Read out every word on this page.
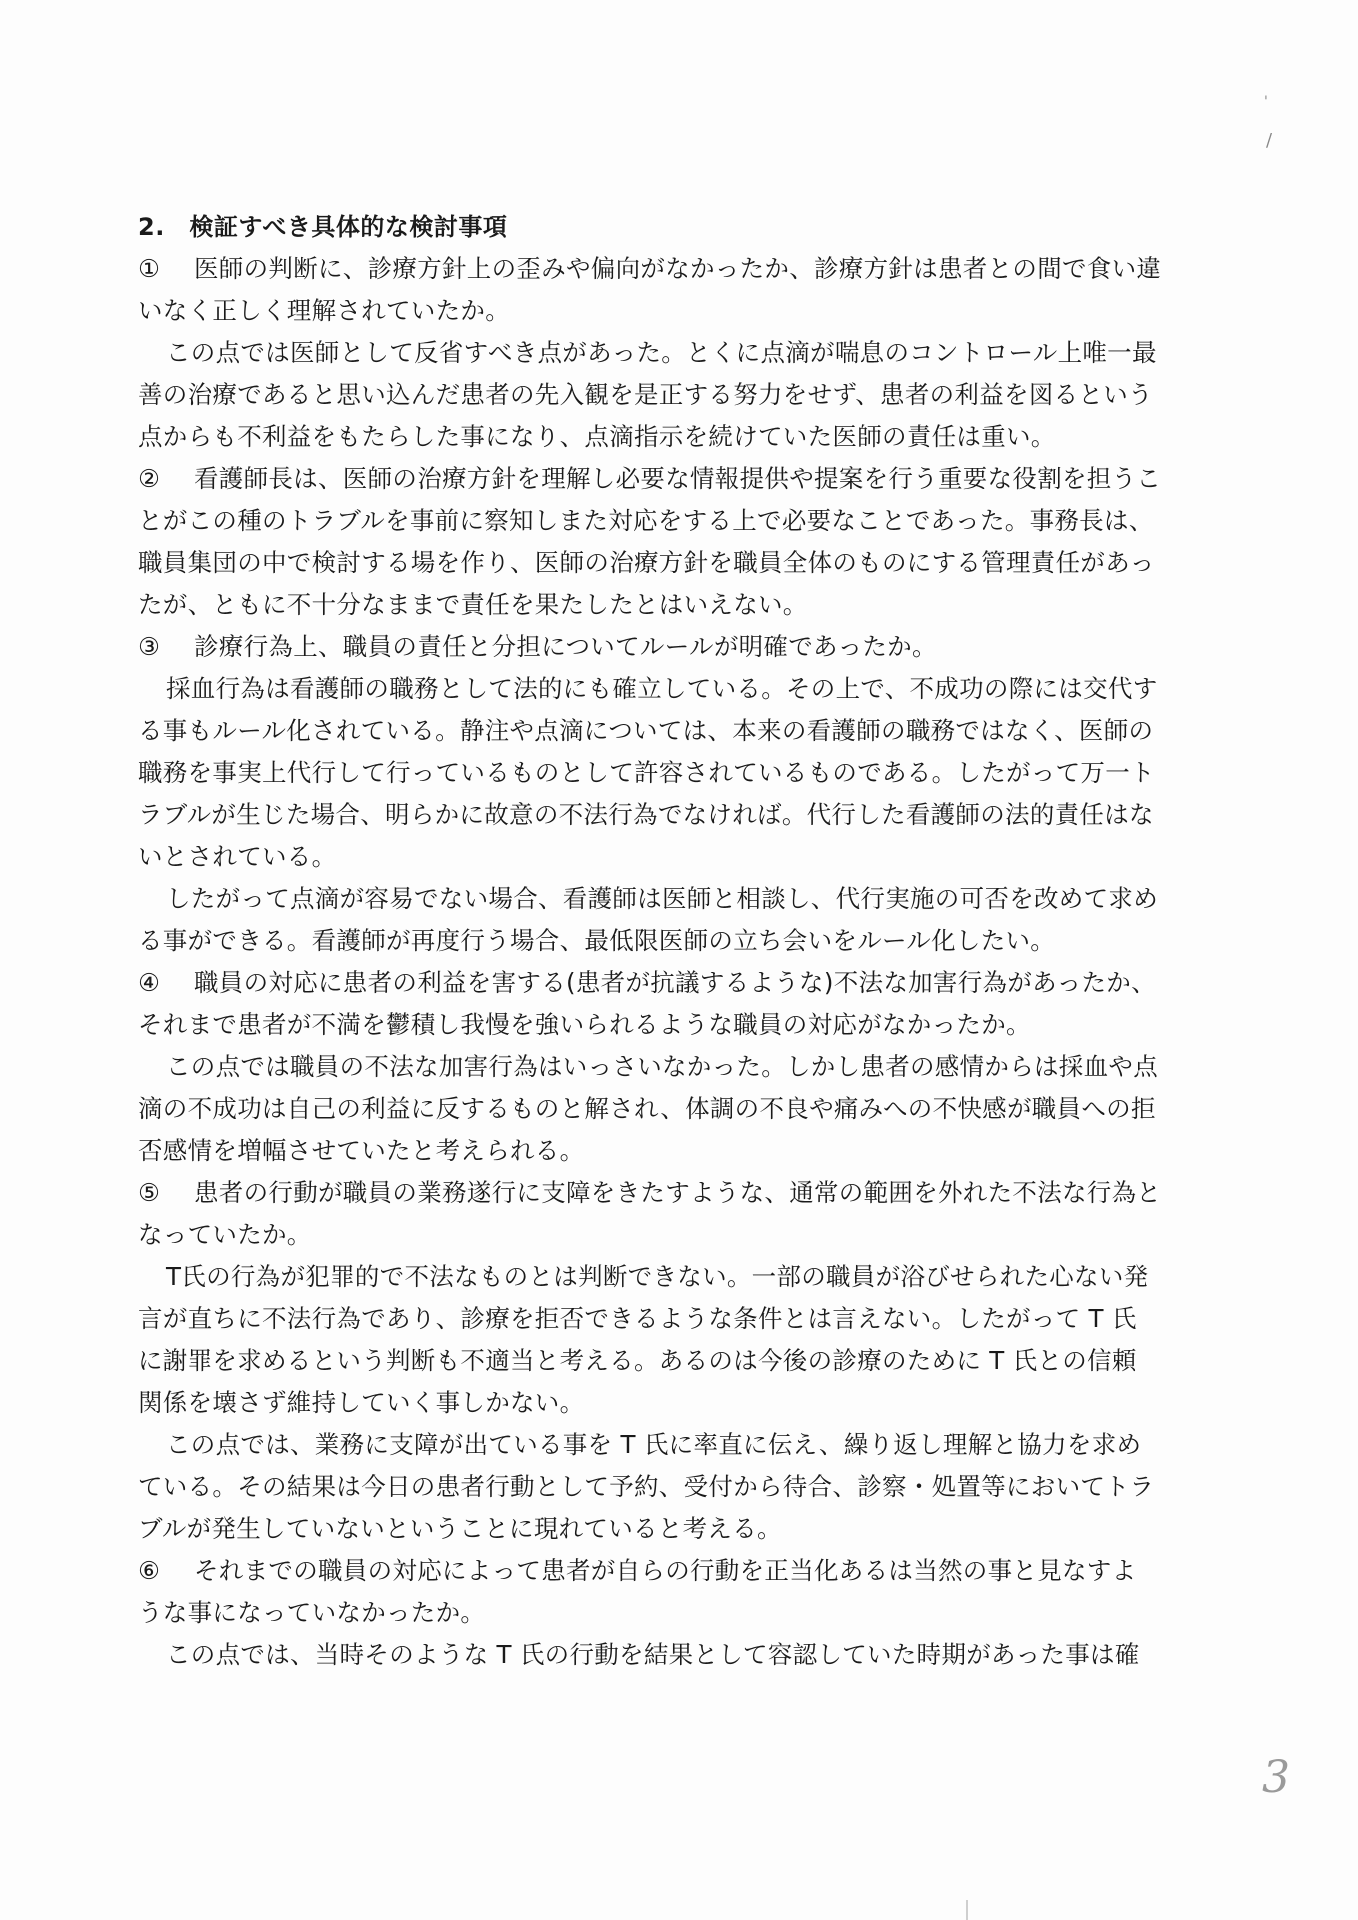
'
/
2.　検証すべき具体的な検討事項
① 医師の判断に、診療方針上の歪みや偏向がなかったか、診療方針は患者との間で食い違
いなく正しく理解されていたか。
この点では医師として反省すべき点があった。とくに点滴が喘息のコントロール上唯一最
善の治療であると思い込んだ患者の先入観を是正する努力をせず、患者の利益を図るという
点からも不利益をもたらした事になり、点滴指示を続けていた医師の責任は重い。
② 看護師長は、医師の治療方針を理解し必要な情報提供や提案を行う重要な役割を担うこ
とがこの種のトラブルを事前に察知しまた対応をする上で必要なことであった。事務長は、
職員集団の中で検討する場を作り、医師の治療方針を職員全体のものにする管理責任があっ
たが、ともに不十分なままで責任を果たしたとはいえない。
③ 診療行為上、職員の責任と分担についてルールが明確であったか。
採血行為は看護師の職務として法的にも確立している。その上で、不成功の際には交代す
る事もルール化されている。静注や点滴については、本来の看護師の職務ではなく、医師の
職務を事実上代行して行っているものとして許容されているものである。したがって万一ト
ラブルが生じた場合、明らかに故意の不法行為でなければ。代行した看護師の法的責任はな
いとされている。
したがって点滴が容易でない場合、看護師は医師と相談し、代行実施の可否を改めて求め
る事ができる。看護師が再度行う場合、最低限医師の立ち会いをルール化したい。
④ 職員の対応に患者の利益を害する(患者が抗議するような)不法な加害行為があったか、
それまで患者が不満を鬱積し我慢を強いられるような職員の対応がなかったか。
この点では職員の不法な加害行為はいっさいなかった。しかし患者の感情からは採血や点
滴の不成功は自己の利益に反するものと解され、体調の不良や痛みへの不快感が職員への拒
否感情を増幅させていたと考えられる。
⑤ 患者の行動が職員の業務遂行に支障をきたすような、通常の範囲を外れた不法な行為と
なっていたか。
T氏の行為が犯罪的で不法なものとは判断できない。一部の職員が浴びせられた心ない発
言が直ちに不法行為であり、診療を拒否できるような条件とは言えない。したがって T 氏
に謝罪を求めるという判断も不適当と考える。あるのは今後の診療のために T 氏との信頼
関係を壊さず維持していく事しかない。
この点では、業務に支障が出ている事を T 氏に率直に伝え、繰り返し理解と協力を求め
ている。その結果は今日の患者行動として予約、受付から待合、診察・処置等においてトラ
ブルが発生していないということに現れていると考える。
⑥ それまでの職員の対応によって患者が自らの行動を正当化あるは当然の事と見なすよ
うな事になっていなかったか。
この点では、当時そのような T 氏の行動を結果として容認していた時期があった事は確
3
